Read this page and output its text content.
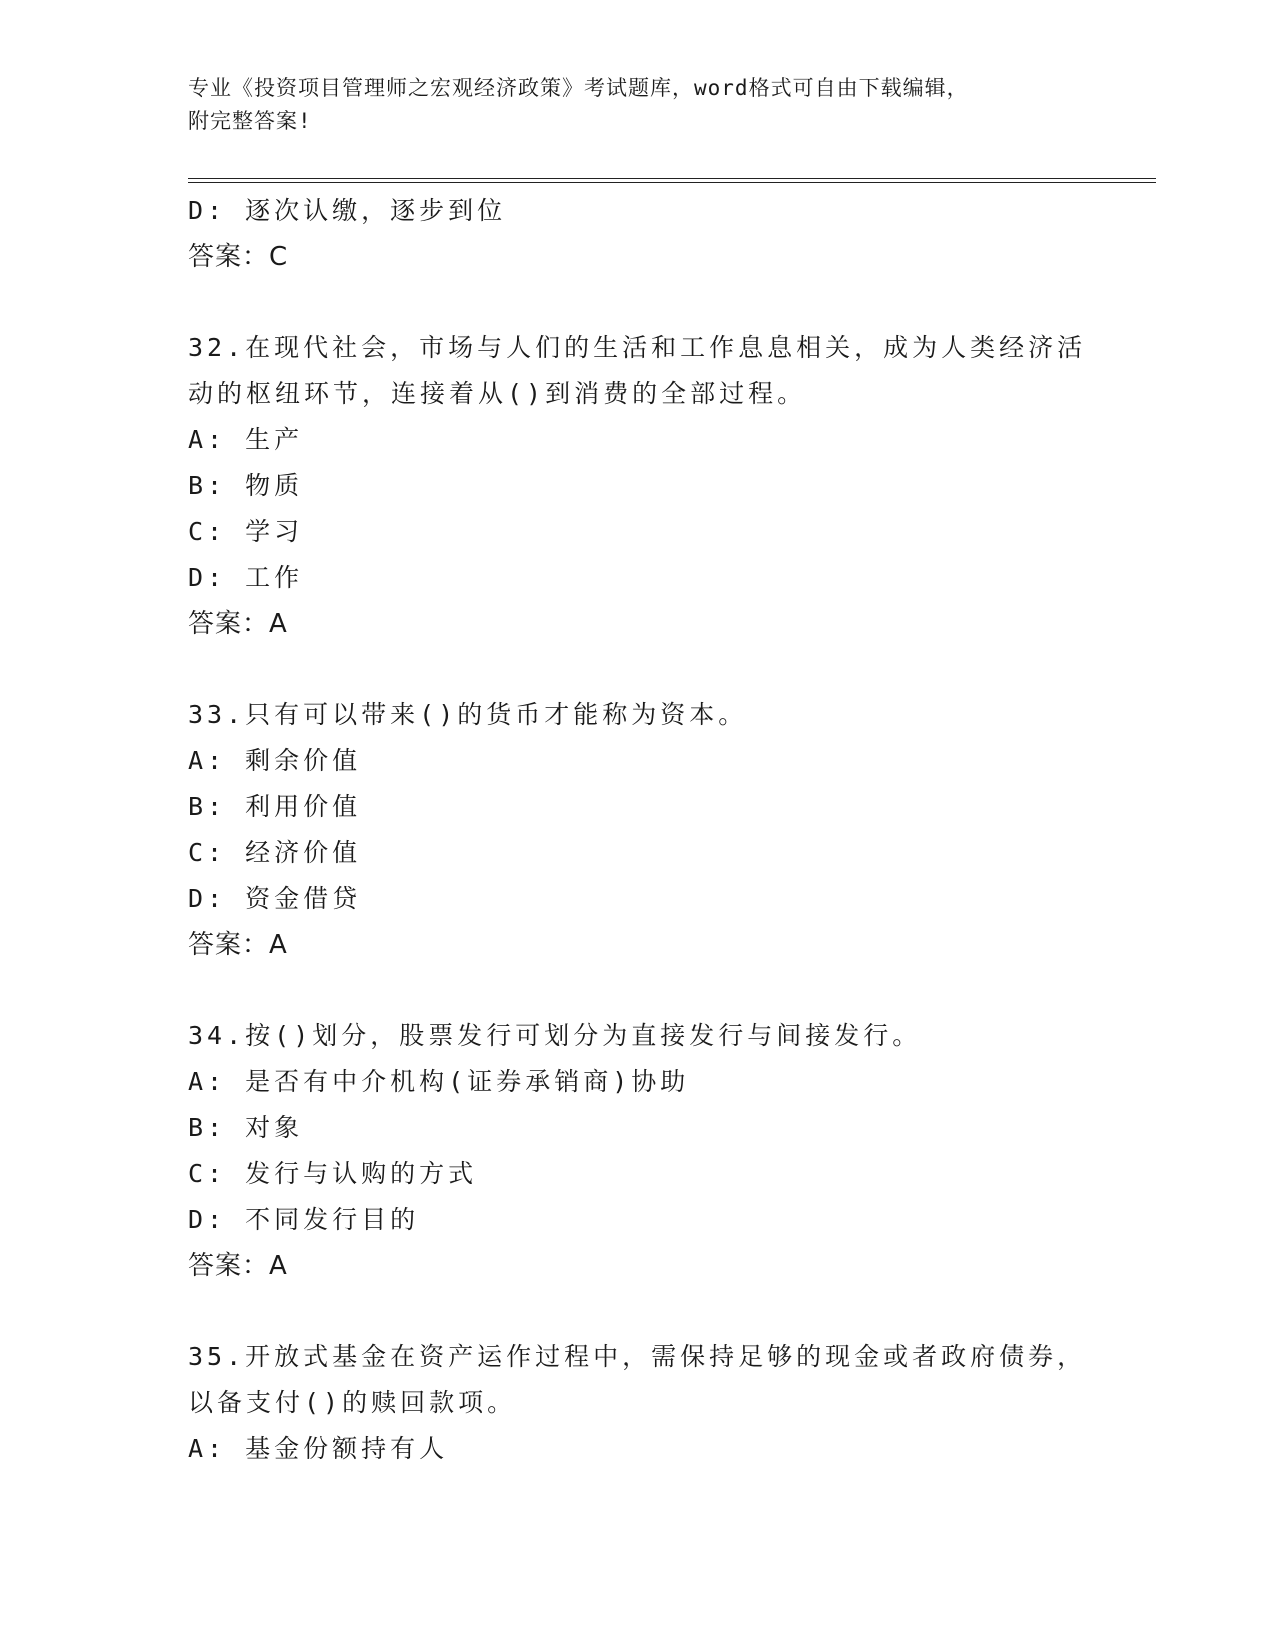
专业《投资项目管理师之宏观经济政策》考试题库，word格式可自由下载编辑，
附完整答案!
D: 逐次认缴，逐步到位
答案：C
32.在现代社会，市场与人们的生活和工作息息相关，成为人类经济活
动的枢纽环节，连接着从()到消费的全部过程。
A: 生产
B: 物质
C: 学习
D: 工作
答案：A
33.只有可以带来()的货币才能称为资本。
A: 剩余价值
B: 利用价值
C: 经济价值
D: 资金借贷
答案：A
34.按()划分，股票发行可划分为直接发行与间接发行。
A: 是否有中介机构(证券承销商)协助
B: 对象
C: 发行与认购的方式
D: 不同发行目的
答案：A
35.开放式基金在资产运作过程中，需保持足够的现金或者政府债券，
以备支付()的赎回款项。
A: 基金份额持有人
